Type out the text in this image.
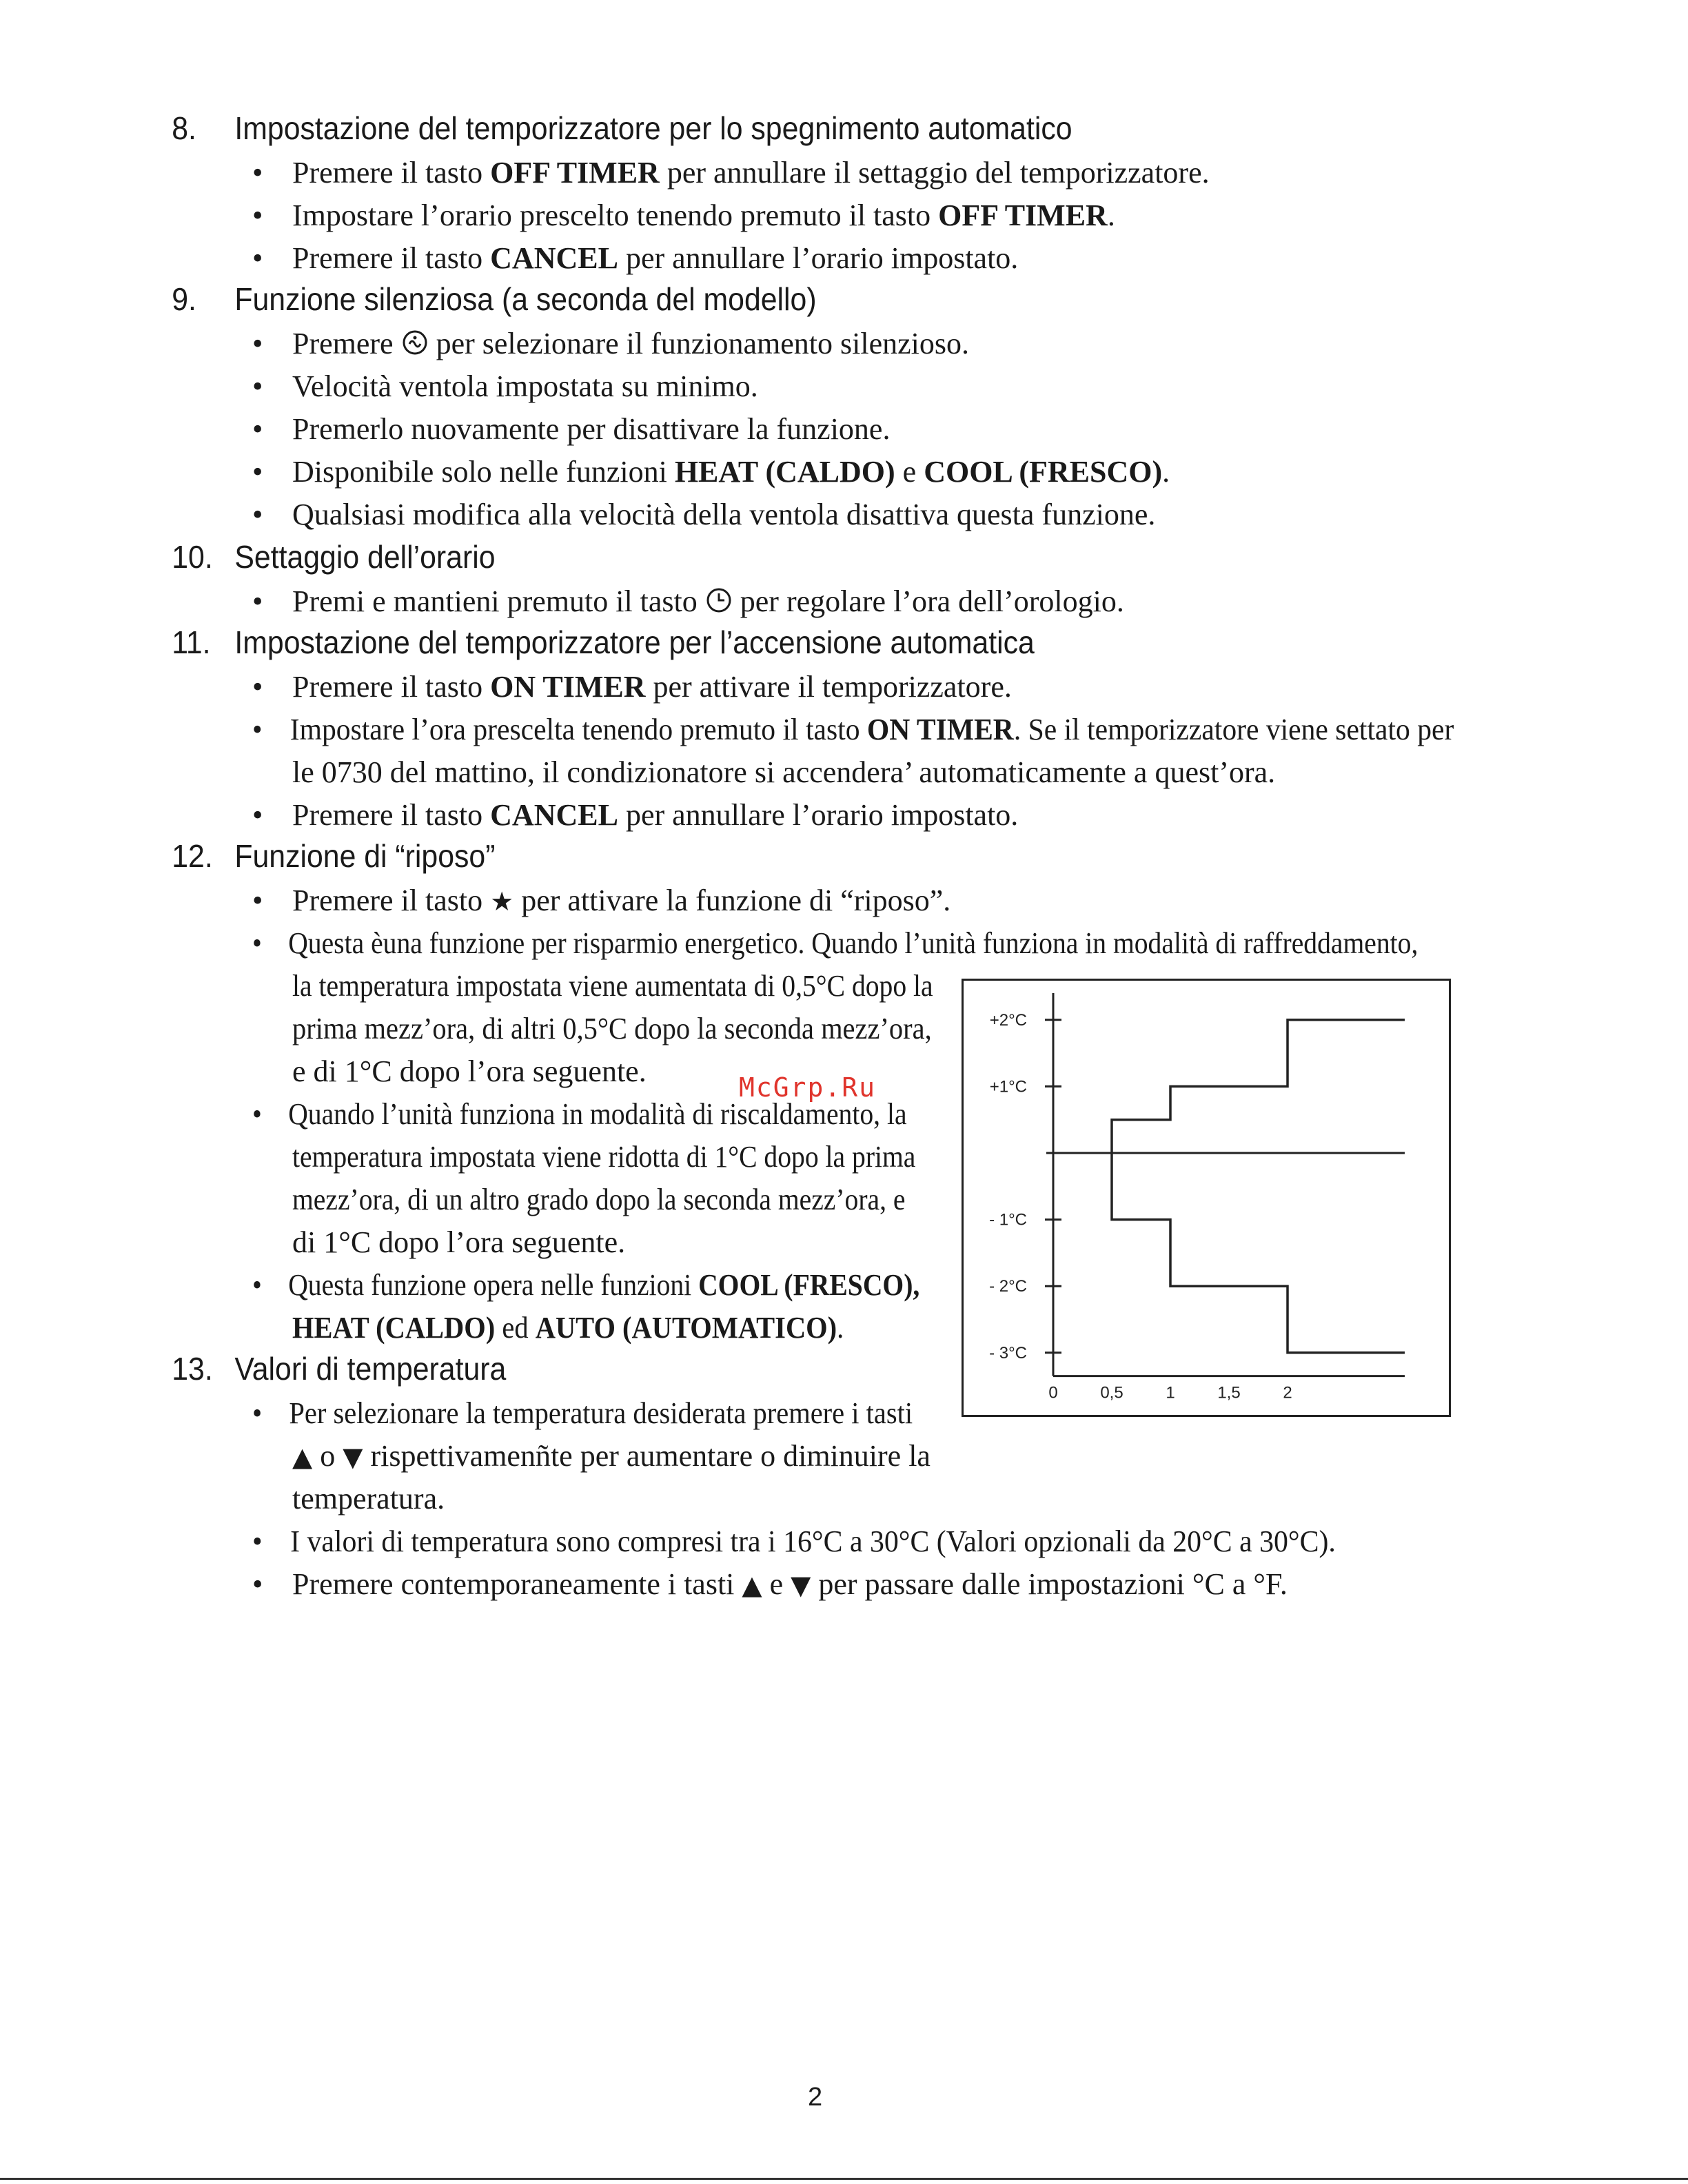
8. Impostazione del temporizzatore per lo spegnimento automatico
• Premere il tasto OFF TIMER per annullare il settaggio del temporizzatore.
• Impostare l’orario prescelto tenendo premuto il tasto OFF TIMER.
• Premere il tasto CANCEL per annullare l’orario impostato.
9. Funzione silenziosa (a seconda del modello)
• Premere  per selezionare il funzionamento silenzioso.
• Velocità ventola impostata su minimo.
• Premerlo nuovamente per disattivare la funzione.
• Disponibile solo nelle funzioni HEAT (CALDO) e COOL (FRESCO).
• Qualsiasi modifica alla velocità della ventola disattiva questa funzione.
10. Settaggio dell’orario
• Premi e mantieni premuto il tasto  per regolare l’ora dell’orologio.
11. Impostazione del temporizzatore per l’accensione automatica
• Premere il tasto ON TIMER per attivare il temporizzatore.
• Impostare l’ora prescelta tenendo premuto il tasto ON TIMER. Se il temporizzatore viene settato per
le 0730 del mattino, il condizionatore si accendera’ automaticamente a quest’ora.
• Premere il tasto CANCEL per annullare l’orario impostato.
12. Funzione di “riposo”
• Premere il tasto ★ per attivare la funzione di “riposo”.
• Questa èuna funzione per risparmio energetico. Quando l’unità funziona in modalità di raffreddamento,
la temperatura impostata viene aumentata di 0,5°C dopo la
prima mezz’ora, di altri 0,5°C dopo la seconda mezz’ora,
e di 1°C dopo l’ora seguente.
• Quando l’unità funziona in modalità di riscaldamento, la
temperatura impostata viene ridotta di 1°C dopo la prima
mezz’ora, di un altro grado dopo la seconda mezz’ora, e
di 1°C dopo l’ora seguente.
• Questa funzione opera nelle funzioni COOL (FRESCO),
HEAT (CALDO) ed AUTO (AUTOMATICO).
13. Valori di temperatura
• Per selezionare la temperatura desiderata premere i tasti
▲ o ▼ rispettivamenñte per aumentare o diminuire la
temperatura.
• I valori di temperatura sono compresi tra i 16°C a 30°C (Valori opzionali da 20°C a 30°C).
• Premere contemporaneamente i tasti ▲ e ▼ per passare dalle impostazioni °C a °F.
+2°C
+1°C
- 1°C
- 2°C
- 3°C
0	0,5	1	1,5	2
McGrp.Ru
2
